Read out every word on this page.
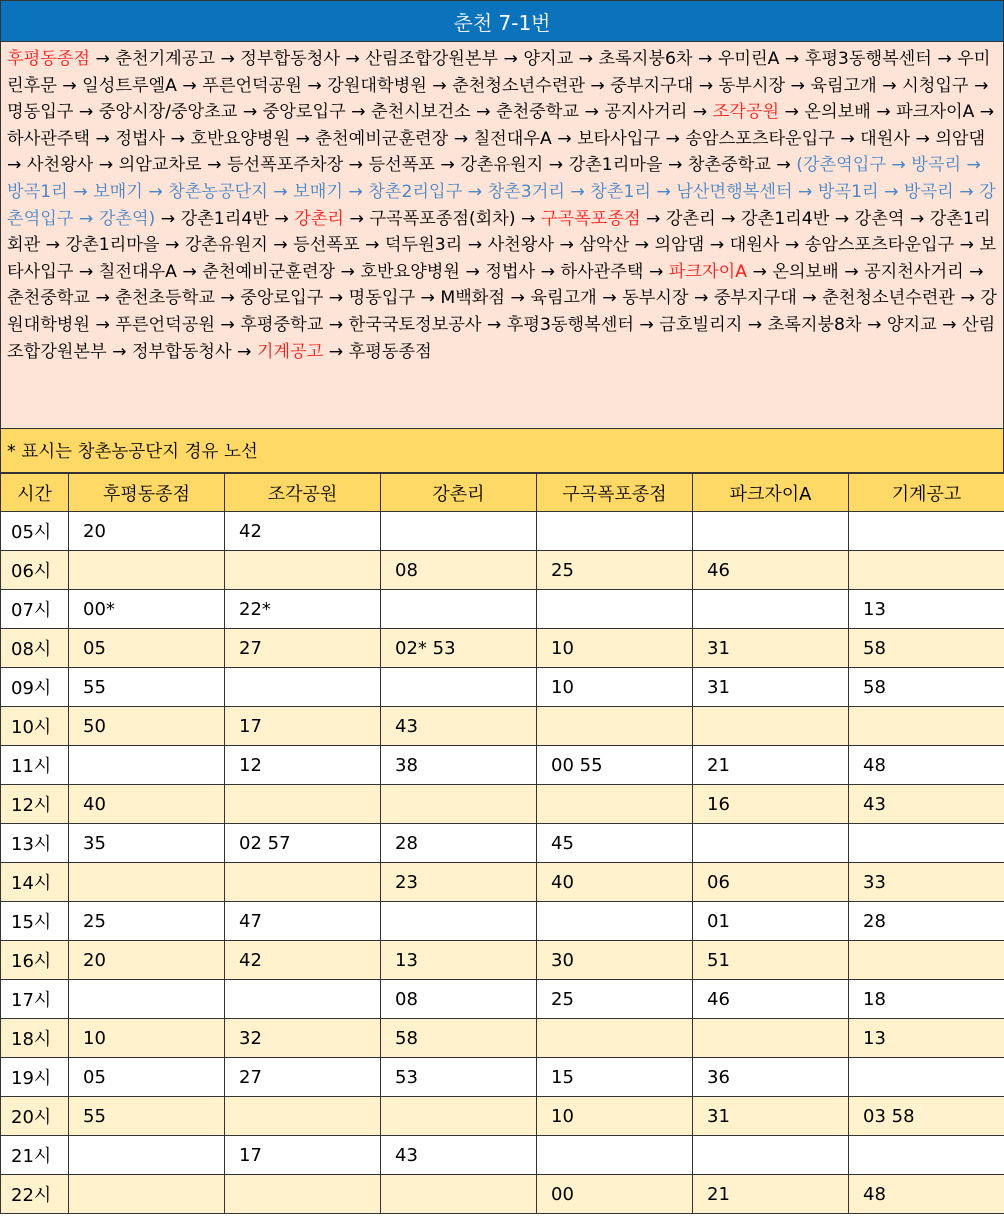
춘천 7-1번
후평동종점 → 춘천기계공고 → 정부합동청사 → 산림조합강원본부 → 양지교 → 초록지붕6차 → 우미린A → 후평3동행복센터 → 우미린후문 → 일성트루엘A → 푸른언덕공원 → 강원대학병원 → 춘천청소년수련관 → 중부지구대 → 동부시장 → 육림고개 → 시청입구 → 명동입구 → 중앙시장/중앙초교 → 중앙로입구 → 춘천시보건소 → 춘천중학교 → 공지사거리 → 조각공원 → 온의보배 → 파크자이A → 하사관주택 → 정법사 → 호반요양병원 → 춘천예비군훈련장 → 칠전대우A → 보타사입구 → 송암스포츠타운입구 → 대원사 → 의암댐 → 사천왕사 → 의암교차로 → 등선폭포주차장 → 등선폭포 → 강촌유원지 → 강촌1리마을 → 창촌중학교 → (강촌역입구 → 방곡리 → 방곡1리 → 보매기 → 창촌농공단지 → 보매기 → 창촌2리입구 → 창촌3거리 → 창촌1리 → 남산면행복센터 → 방곡1리 → 방곡리 → 강촌역입구 → 강촌역) → 강촌1리4반 → 강촌리 → 구곡폭포종점(회차) → 구곡폭포종점 → 강촌리 → 강촌1리4반 → 강촌역 → 강촌1리회관 → 강촌1리마을 → 강촌유원지 → 등선폭포 → 덕두원3리 → 사천왕사 → 삼악산 → 의암댐 → 대원사 → 송암스포츠타운입구 → 보타사입구 → 칠전대우A → 춘천예비군훈련장 → 호반요양병원 → 정법사 → 하사관주택 → 파크자이A → 온의보배 → 공지천사거리 → 춘천중학교 → 춘천초등학교 → 중앙로입구 → 명동입구 → M백화점 → 육림고개 → 동부시장 → 중부지구대 → 춘천청소년수련관 → 강원대학병원 → 푸른언덕공원 → 후평중학교 → 한국국토정보공사 → 후평3동행복센터 → 금호빌리지 → 초록지붕8차 → 양지교 → 산림조합강원본부 → 정부합동청사 → 기계공고 → 후평동종점
* 표시는 창촌농공단지 경유 노선
시간	후평동종점	조각공원	강촌리	구곡폭포종점	파크자이A	기계공고
05시	20	42				
06시			08	25	46	
07시	00*	22*				13
08시	05	27	02* 53	10	31	58
09시	55			10	31	58
10시	50	17	43			
11시		12	38	00 55	21	48
12시	40				16	43
13시	35	02 57	28	45		
14시			23	40	06	33
15시	25	47			01	28
16시	20	42	13	30	51	
17시			08	25	46	18
18시	10	32	58			13
19시	05	27	53	15	36	
20시	55			10	31	03 58
21시		17	43			
22시				00	21	48
